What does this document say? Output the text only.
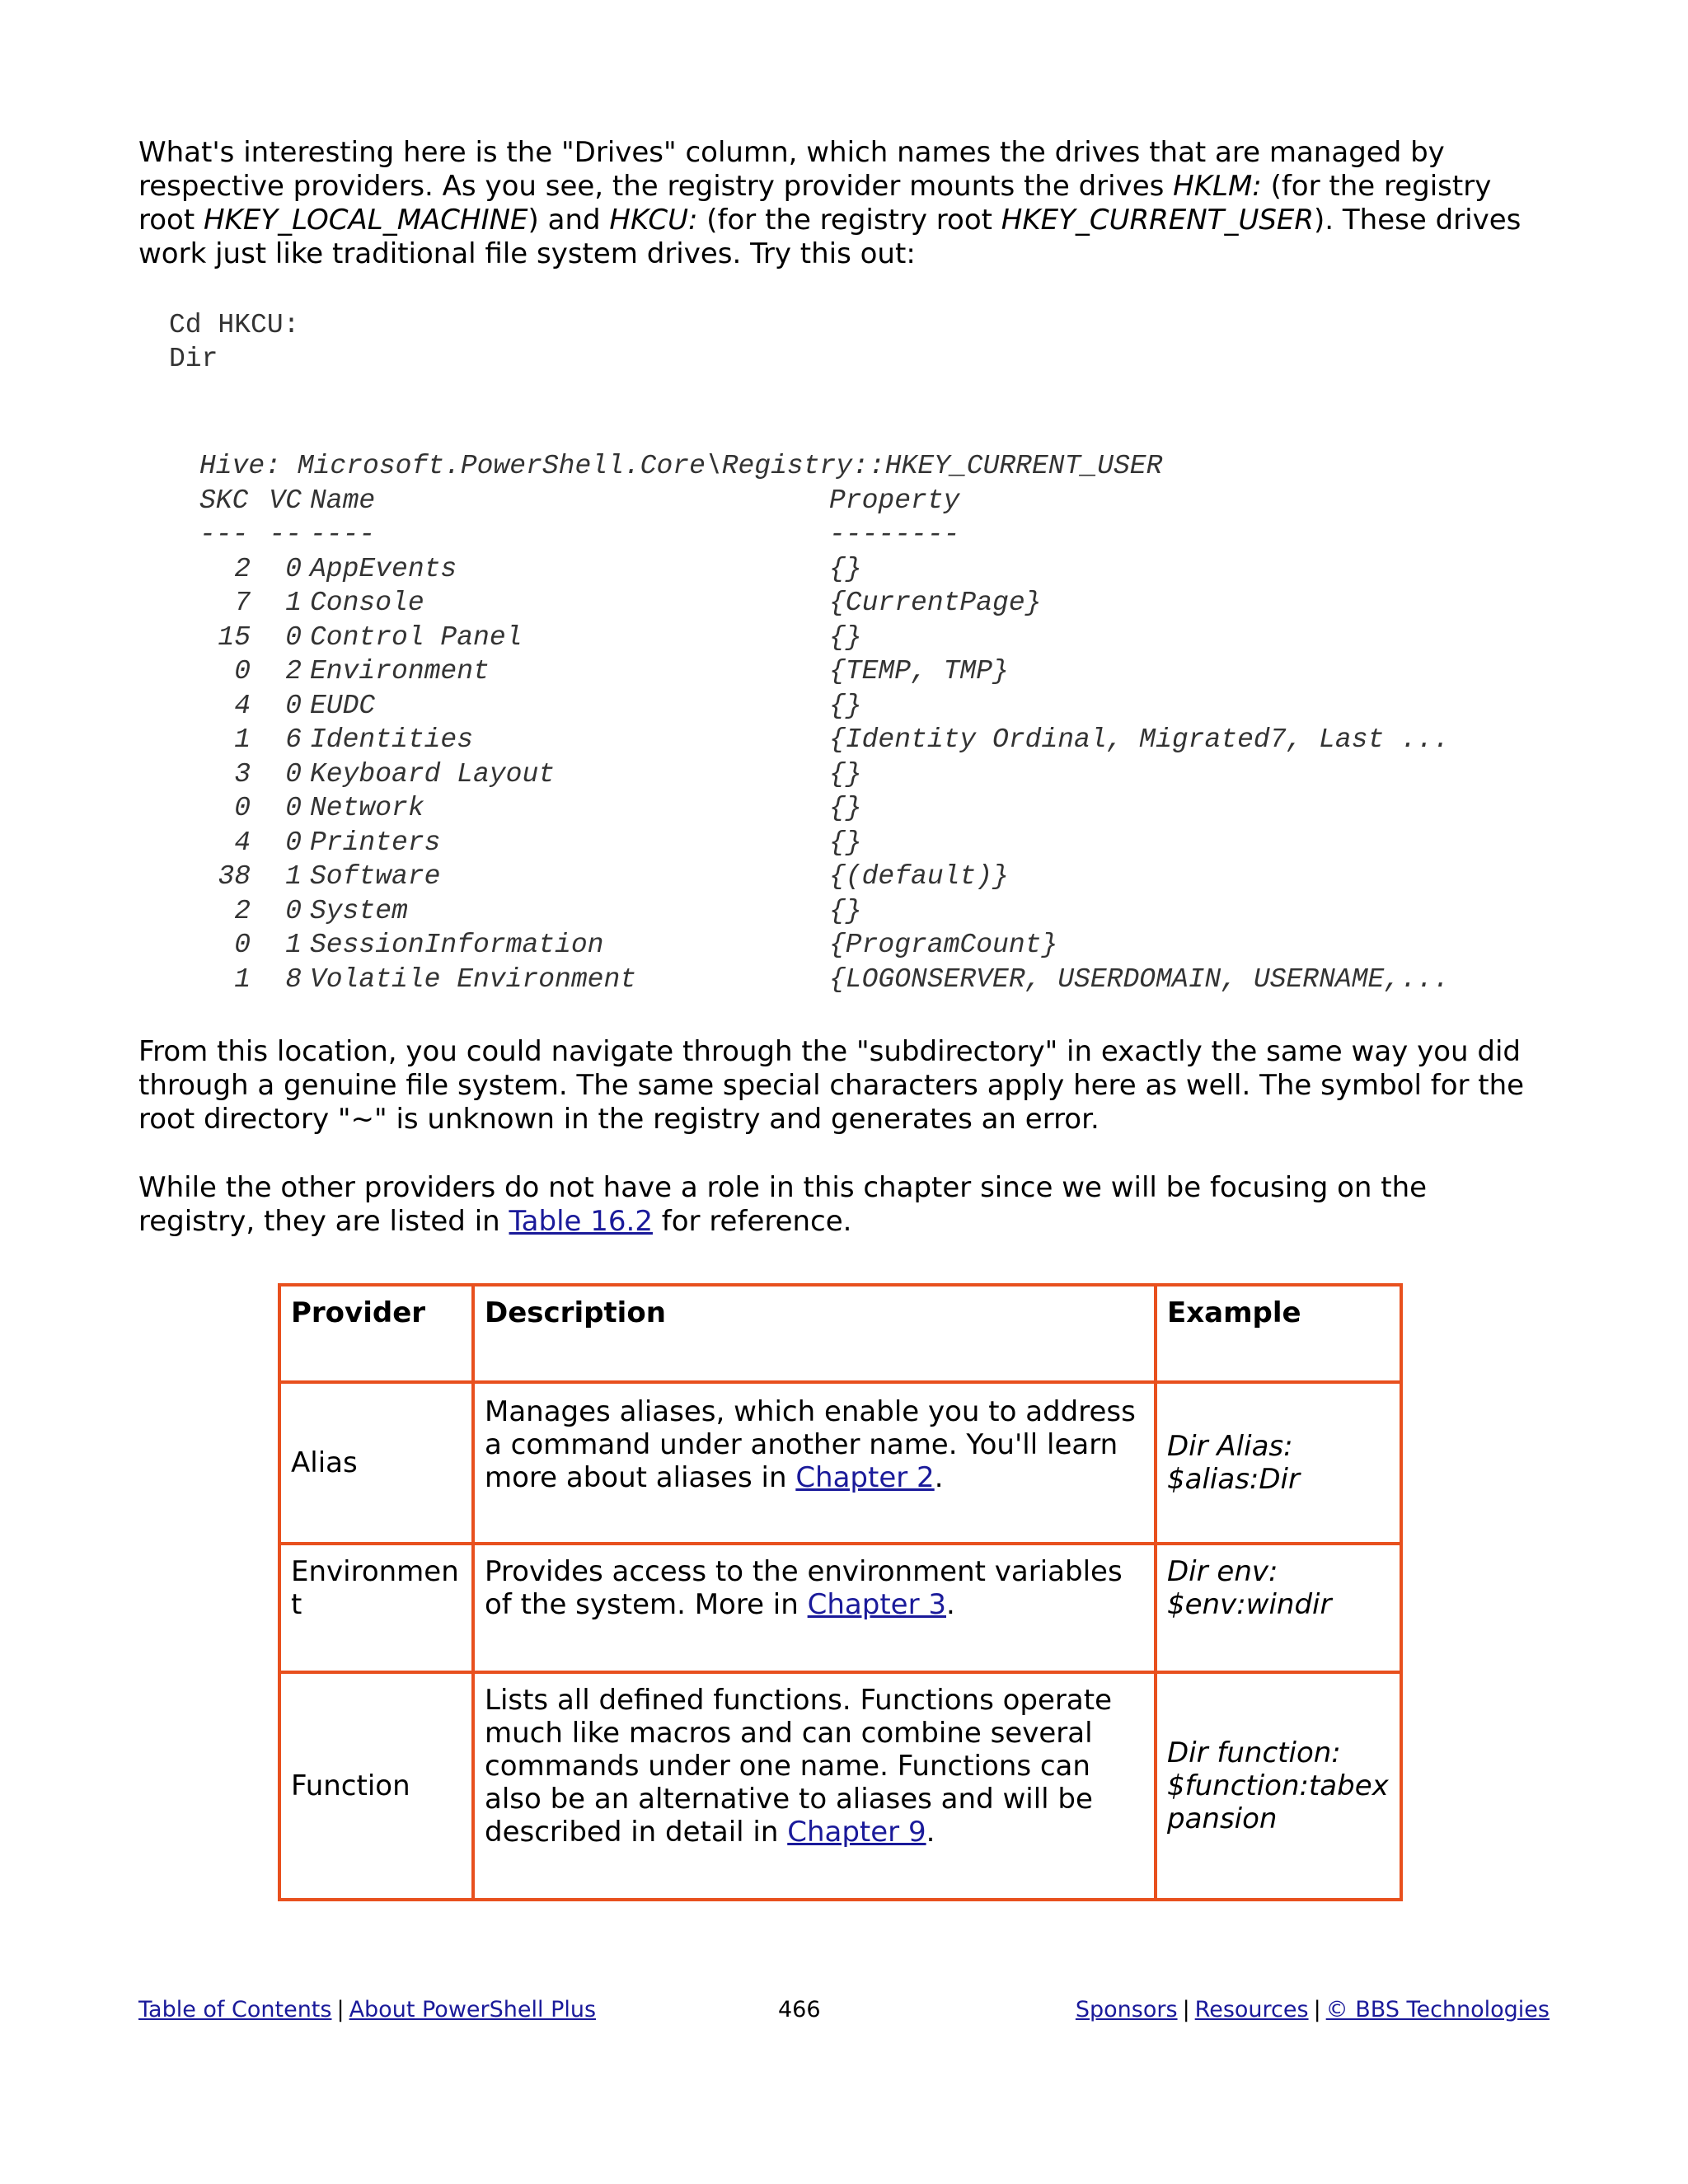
What's interesting here is the "Drives" column, which names the drives that are managed by respective providers. As you see, the registry provider mounts the drives HKLM: (for the registry root HKEY_LOCAL_MACHINE) and HKCU: (for the registry root HKEY_CURRENT_USER). These drives work just like traditional file system drives. Try this out:

Cd HKCU:
Dir
Hive: Microsoft.PowerShell.Core\Registry::HKEY_CURRENT_USER
SKC VC Name	Property
--- -- ----	--------
2 0 AppEvents	{}
7 1 Console	{CurrentPage}
15 0 Control Panel	{}
0 2 Environment	{TEMP, TMP}
4 0 EUDC	{}
1 6 Identities	{Identity Ordinal, Migrated7, Last ...
3 0 Keyboard Layout	{}
0 0 Network	{}
4 0 Printers	{}
38 1 Software	{(default)}
2 0 System	{}
0 1 SessionInformation	{ProgramCount}
1 8 Volatile Environment	{LOGONSERVER, USERDOMAIN, USERNAME,...

From this location, you could navigate through the "subdirectory" in exactly the same way you did through a genuine file system. The same special characters apply here as well. The symbol for the root directory "~" is unknown in the registry and generates an error.

While the other providers do not have a role in this chapter since we will be focusing on the registry, they are listed in Table 16.2 for reference.

Provider	Description	Example
Alias	Manages aliases, which enable you to address a command under another name. You'll learn more about aliases in Chapter 2.	Dir Alias:
$alias:Dir

Environment	Provides access to the environment variables of the system. More in Chapter 3.	Dir env:
$env:windir

Function	Lists all defined functions. Functions operate much like macros and can combine several commands under one name. Functions can also be an alternative to aliases and will be described in detail in Chapter 9.	Dir function:
$function:tabexpansion
Table of Contents | About PowerShell Plus	466	Sponsors | Resources | © BBS Technologies
